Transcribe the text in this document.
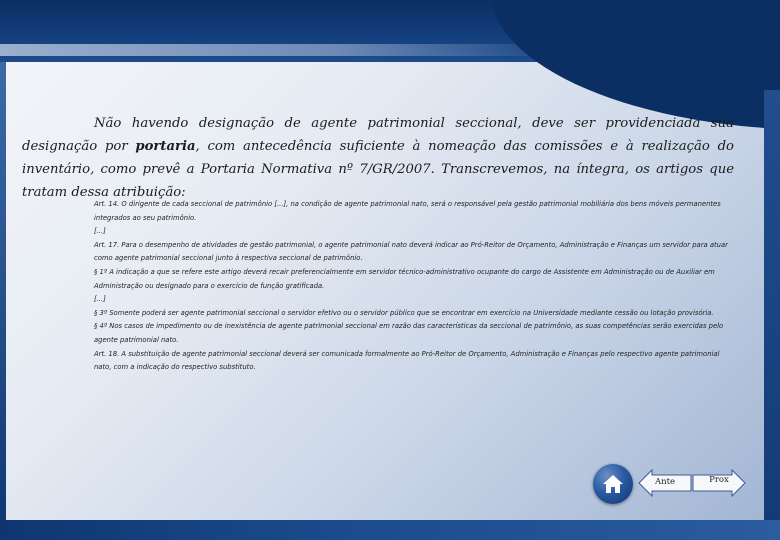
Não havendo designação de agente patrimonial seccional, deve ser providenciada sua designação por portaria, com antecedência suficiente à nomeação das comissões e à realização do inventário, como prevê a Portaria Normativa nº 7/GR/2007. Transcrevemos, na íntegra, os artigos que tratam dessa atribuição:

Art. 14. O dirigente de cada seccional de patrimônio [...], na condição de agente patrimonial nato, será o responsável pela gestão patrimonial mobiliária dos bens móveis permanentes integrados ao seu patrimônio.

[...]

Art. 17. Para o desempenho de atividades de gestão patrimonial, o agente patrimonial nato deverá indicar ao Pró-Reitor de Orçamento, Administração e Finanças um servidor para atuar como agente patrimonial seccional junto à respectiva seccional de patrimônio.

§ 1º A indicação a que se refere este artigo deverá recair preferencialmente em servidor técnico-administrativo ocupante do cargo de Assistente em Administração ou de Auxiliar em Administração ou designado para o exercício de função gratificada.

[...]

§ 3º Somente poderá ser agente patrimonial seccional o servidor efetivo ou o servidor público que se encontrar em exercício na Universidade mediante cessão ou lotação provisória.

§ 4º Nos casos de impedimento ou de inexistência de agente patrimonial seccional em razão das características da seccional de patrimônio, as suas competências serão exercidas pelo agente patrimonial nato.

Art. 18. A substituição de agente patrimonial seccional deverá ser comunicada formalmente ao Pró-Reitor de Orçamento, Administração e Finanças pelo respectivo agente patrimonial nato, com a indicação do respectivo substituto.

Ante	Prox
